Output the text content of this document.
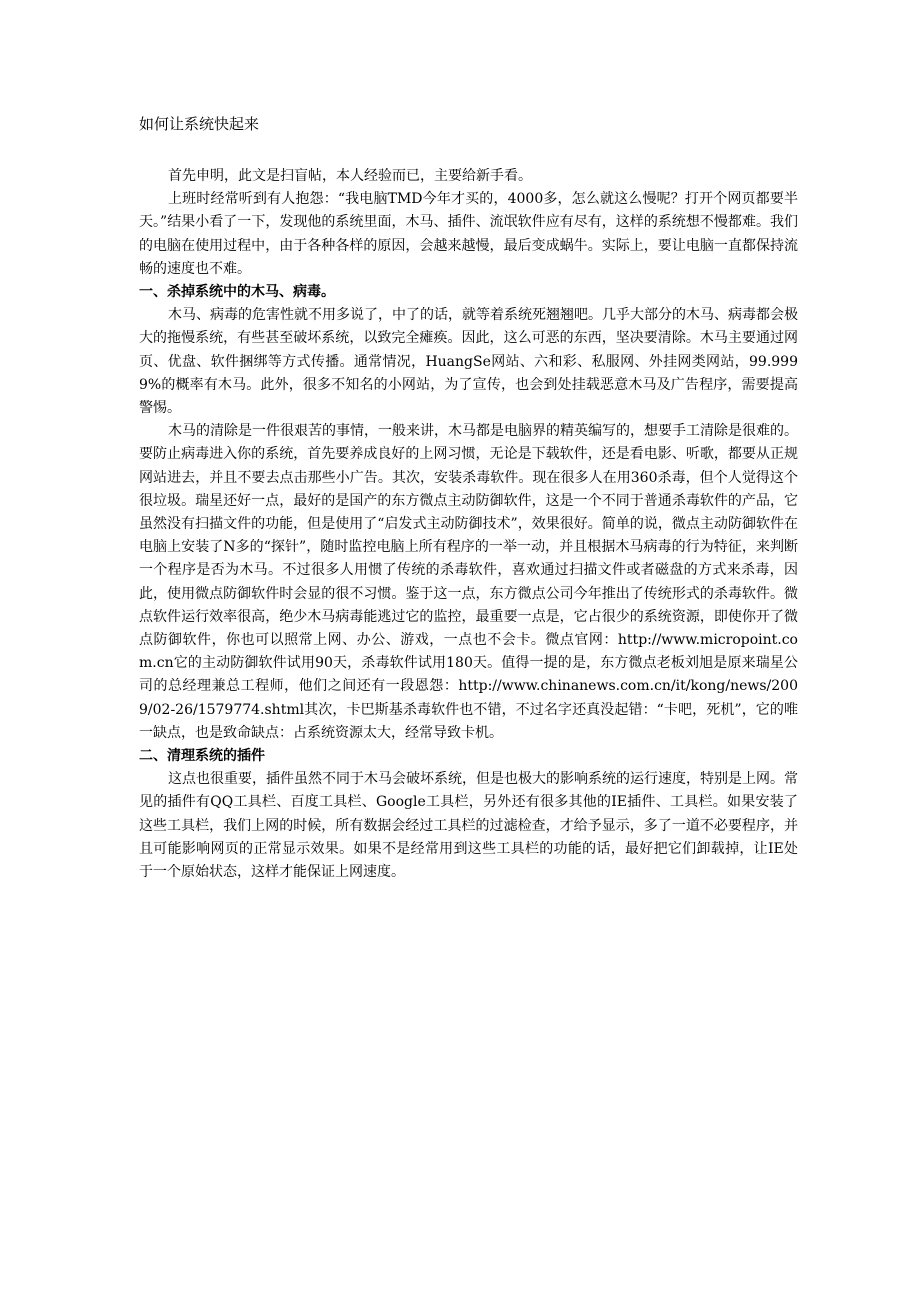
如何让系统快起来

首先申明，此文是扫盲帖，本人经验而已，主要给新手看。

上班时经常听到有人抱怨：“我电脑TMD今年才买的，4000多，怎么就这么慢呢？打开个网页都要半天。”结果小看了一下，发现他的系统里面，木马、插件、流氓软件应有尽有，这样的系统想不慢都难。我们的电脑在使用过程中，由于各种各样的原因，会越来越慢，最后变成蜗牛。实际上，要让电脑一直都保持流畅的速度也不难。

一、杀掉系统中的木马、病毒。

木马、病毒的危害性就不用多说了，中了的话，就等着系统死翘翘吧。几乎大部分的木马、病毒都会极大的拖慢系统，有些甚至破坏系统，以致完全瘫痪。因此，这么可恶的东西，坚决要清除。木马主要通过网页、优盘、软件捆绑等方式传播。通常情况，HuangSe网站、六和彩、私服网、外挂网类网站，99.9999%的概率有木马。此外，很多不知名的小网站，为了宣传，也会到处挂载恶意木马及广告程序，需要提高警惕。

木马的清除是一件很艰苦的事情，一般来讲，木马都是电脑界的精英编写的，想要手工清除是很难的。要防止病毒进入你的系统，首先要养成良好的上网习惯，无论是下载软件，还是看电影、听歌，都要从正规网站进去，并且不要去点击那些小广告。其次，安装杀毒软件。现在很多人在用360杀毒，但个人觉得这个很垃圾。瑞星还好一点，最好的是国产的东方微点主动防御软件，这是一个不同于普通杀毒软件的产品，它虽然没有扫描文件的功能，但是使用了“启发式主动防御技术”，效果很好。简单的说，微点主动防御软件在电脑上安装了N多的“探针”，随时监控电脑上所有程序的一举一动，并且根据木马病毒的行为特征，来判断一个程序是否为木马。不过很多人用惯了传统的杀毒软件，喜欢通过扫描文件或者磁盘的方式来杀毒，因此，使用微点防御软件时会显的很不习惯。鉴于这一点，东方微点公司今年推出了传统形式的杀毒软件。微点软件运行效率很高，绝少木马病毒能逃过它的监控，最重要一点是，它占很少的系统资源，即使你开了微点防御软件，你也可以照常上网、办公、游戏，一点也不会卡。微点官网：http://www.micropoint.com.cn它的主动防御软件试用90天，杀毒软件试用180天。值得一提的是，东方微点老板刘旭是原来瑞星公司的总经理兼总工程师，他们之间还有一段恩怨：http://www.chinanews.com.cn/it/kong/news/2009/02-26/1579774.shtml其次，卡巴斯基杀毒软件也不错，不过名字还真没起错：“卡吧，死机”，它的唯一缺点，也是致命缺点：占系统资源太大，经常导致卡机。

二、清理系统的插件

这点也很重要，插件虽然不同于木马会破坏系统，但是也极大的影响系统的运行速度，特别是上网。常见的插件有QQ工具栏、百度工具栏、Google工具栏，另外还有很多其他的IE插件、工具栏。如果安装了这些工具栏，我们上网的时候，所有数据会经过工具栏的过滤检查，才给予显示，多了一道不必要程序，并且可能影响网页的正常显示效果。如果不是经常用到这些工具栏的功能的话，最好把它们卸载掉，让IE处于一个原始状态，这样才能保证上网速度。
